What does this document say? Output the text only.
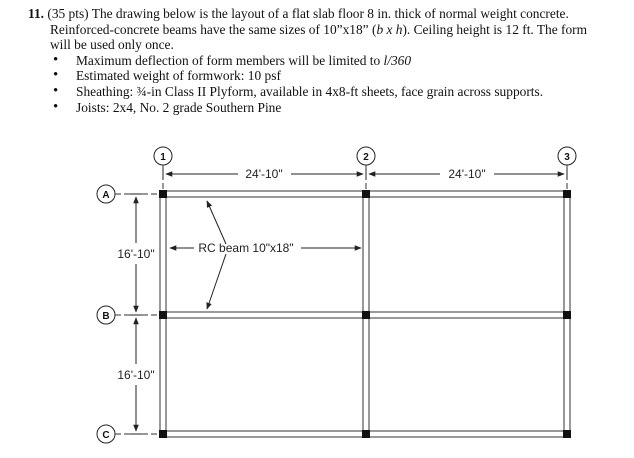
11. (35 pts) The drawing below is the layout of a flat slab floor 8 in. thick of normal weight concrete.
Reinforced-concrete beams have the same sizes of 10”x18” (b x h). Ceiling height is 12 ft. The form
will be used only once.

• Maximum deflection of form members will be limited to l/360
• Estimated weight of formwork: 10 psf
• Sheathing: ¾-in Class II Plyform, available in 4x8-ft sheets, face grain across supports.
• Joists: 2x4, No. 2 grade Southern Pine
1	2	3
A
B
C
24'-10"	24'-10"
16'-10"
16'-10"
RC beam 10"x18"
